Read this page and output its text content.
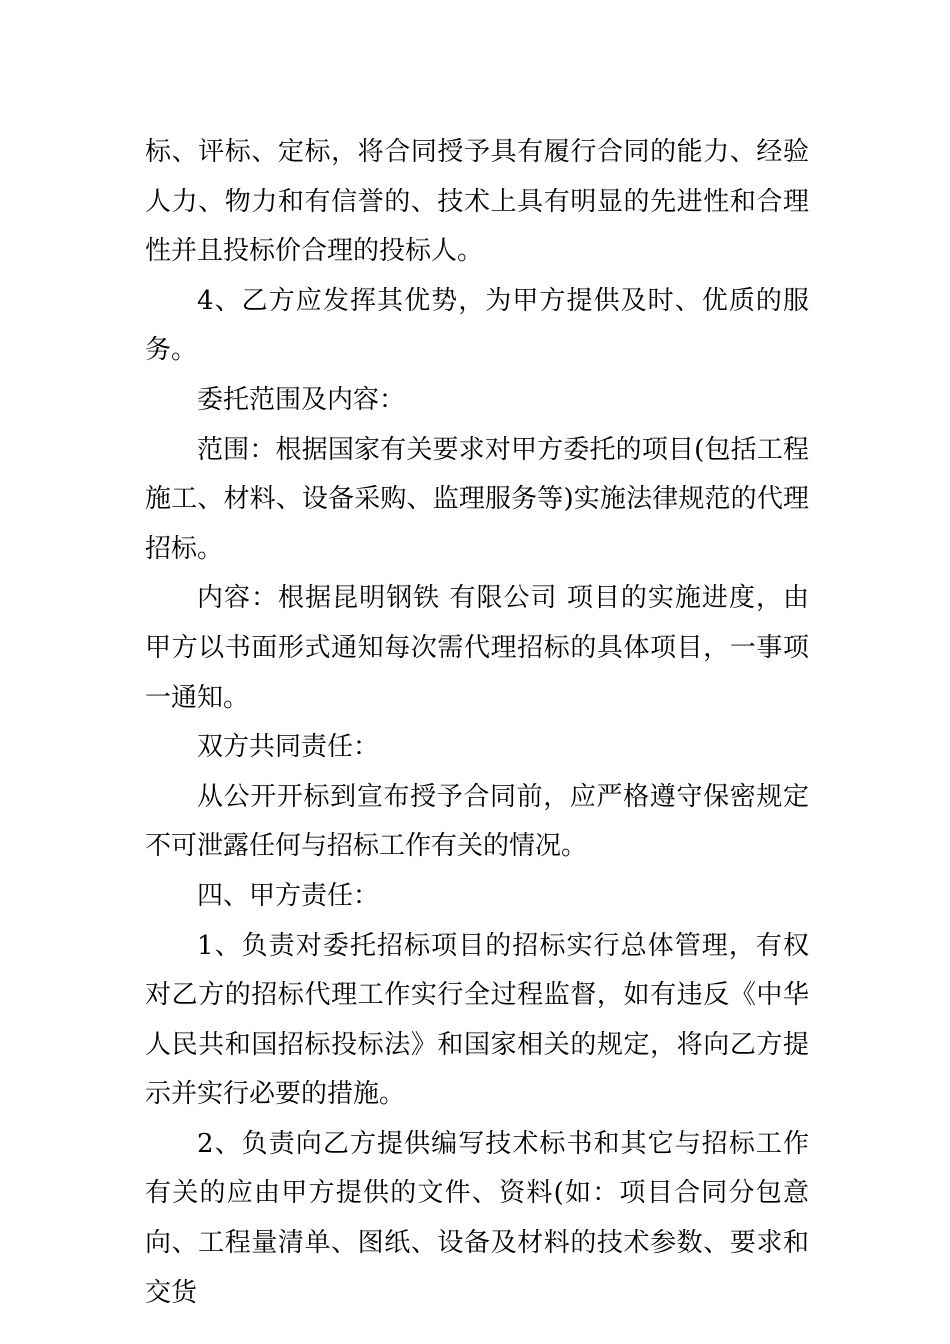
标、评标、定标，将合同授予具有履行合同的能力、经验人力、物力和有信誉的、技术上具有明显的先进性和合理性并且投标价合理的投标人。

4、乙方应发挥其优势，为甲方提供及时、优质的服务。

委托范围及内容：

范围：根据国家有关要求对甲方委托的项目(包括工程施工、材料、设备采购、监理服务等)实施法律规范的代理招标。

内容：根据昆明钢铁 有限公司 项目的实施进度，由甲方以书面形式通知每次需代理招标的具体项目，一事项一通知。

双方共同责任：

从公开开标到宣布授予合同前，应严格遵守保密规定不可泄露任何与招标工作有关的情况。

四、甲方责任：

1、负责对委托招标项目的招标实行总体管理，有权对乙方的招标代理工作实行全过程监督，如有违反《中华人民共和国招标投标法》和国家相关的规定，将向乙方提示并实行必要的措施。

2、负责向乙方提供编写技术标书和其它与招标工作有关的应由甲方提供的文件、资料(如：项目合同分包意向、工程量清单、图纸、设备及材料的技术参数、要求和交货
